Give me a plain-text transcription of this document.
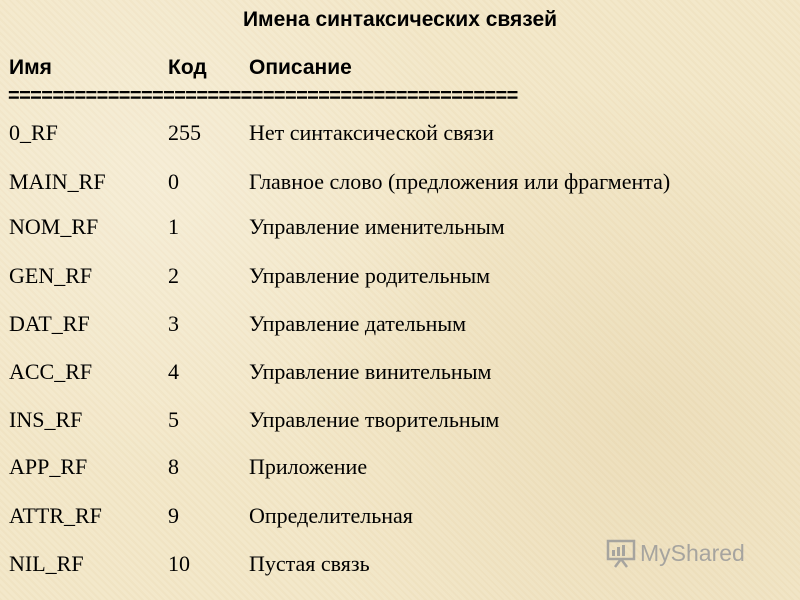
Имена синтаксических связей
Имя	Код Описание
==============================================
0_RF	255 Нет синтаксической связи
MAIN_RF	0	Главное слово (предложения или фрагмента)
NOM_RF	1	Управление именительным
GEN_RF	2	Управление родительным
DAT_RF	3	Управление дательным
ACC_RF	4	Управление винительным
INS_RF	5	Управление творительным
APP_RF	8	Приложение
ATTR_RF	9	Определительная
NIL_RF	10	Пустая связь	MyShared
